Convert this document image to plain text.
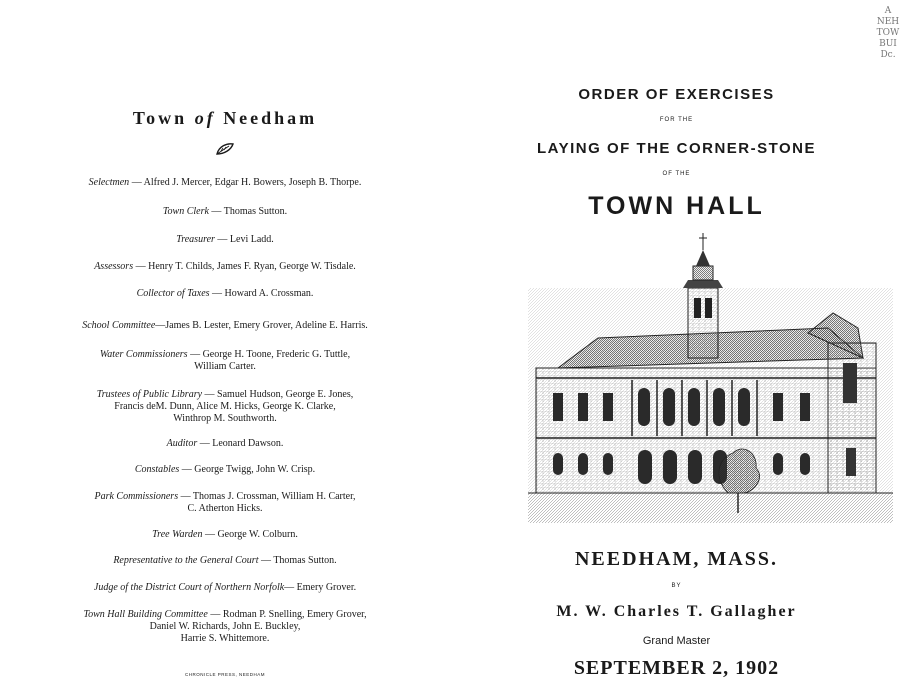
Town of Needham
Selectmen — Alfred J. Mercer, Edgar H. Bowers, Joseph B. Thorpe.
Town Clerk — Thomas Sutton.
Treasurer — Levi Ladd.
Assessors — Henry T. Childs, James F. Ryan, George W. Tisdale.
Collector of Taxes — Howard A. Crossman.
School Committee—James B. Lester, Emery Grover, Adeline E. Harris.
Water Commissioners — George H. Toone, Frederic G. Tuttle,
William Carter.
Trustees of Public Library — Samuel Hudson, George E. Jones,
Francis deM. Dunn, Alice M. Hicks, George K. Clarke,
Winthrop M. Southworth.
Auditor — Leonard Dawson.
Constables — George Twigg, John W. Crisp.
Park Commissioners — Thomas J. Crossman, William H. Carter,
C. Atherton Hicks.
Tree Warden — George W. Colburn.
Representative to the General Court — Thomas Sutton.
Judge of the District Court of Northern Norfolk— Emery Grover.
Town Hall Building Committee — Rodman P. Snelling, Emery Grover,
Daniel W. Richards, John E. Buckley,
Harrie S. Whittemore.
CHRONICLE PRESS, NEEDHAM
ORDER OF EXERCISES
FOR THE
LAYING OF THE CORNER-STONE
OF THE
TOWN HALL
NEEDHAM, MASS.
BY
M. W. Charles T. Gallagher
Grand Master
SEPTEMBER 2, 1902
A
NEH
TOW
BUI
Dc.
